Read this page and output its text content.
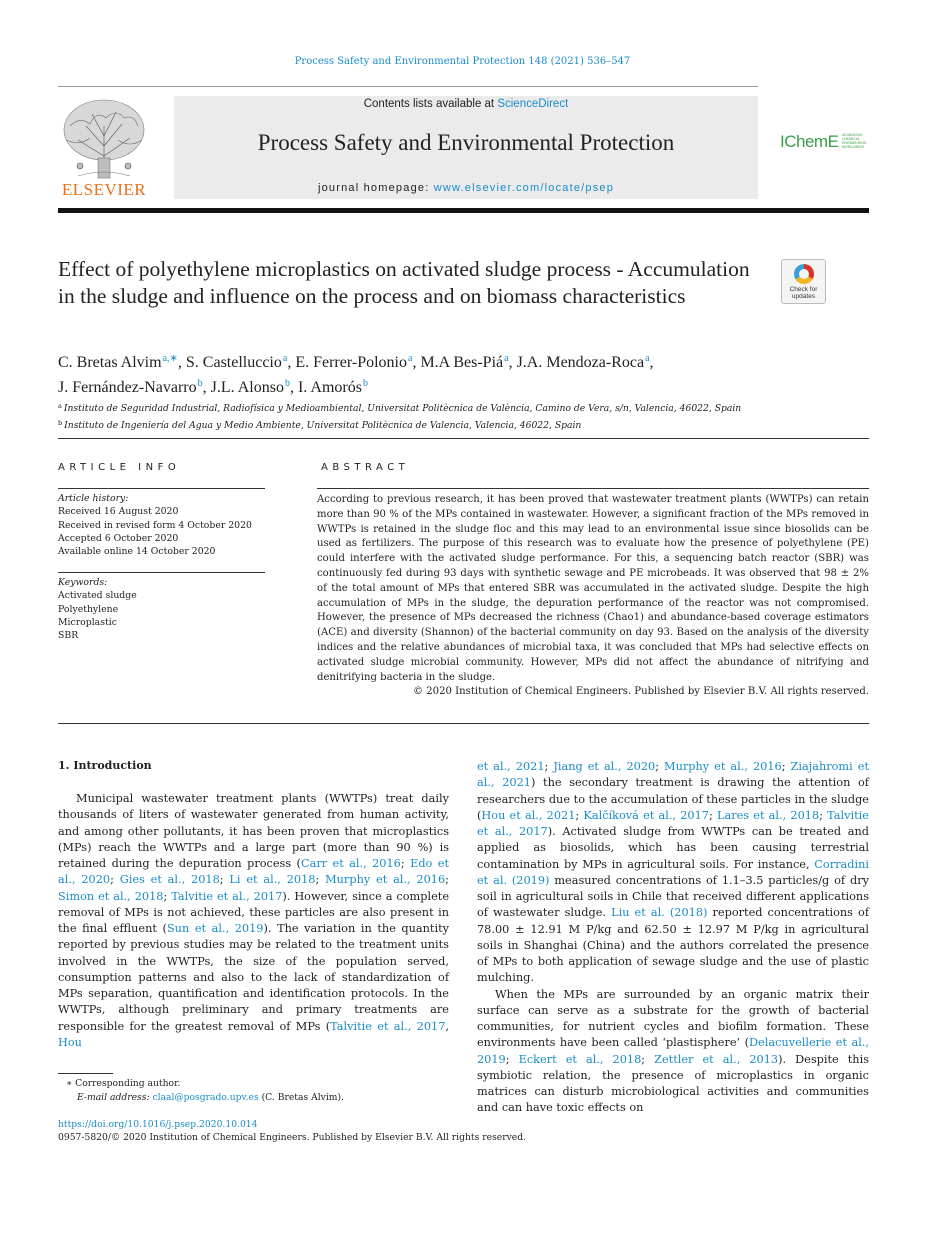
Process Safety and Environmental Protection 148 (2021) 536–547
ELSEVIER
Contents lists available at ScienceDirect
Process Safety and Environmental Protection
journal homepage: www.elsevier.com/locate/psep
IChemE ADVANCING CHEMICAL ENGINEERING WORLDWIDE
Effect of polyethylene microplastics on activated sludge process - Accumulation in the sludge and influence on the process and on biomass characteristics	Check for
updates
C. Bretas Alvim$^{a,∗}$, S. Castelluccio$^a$, E. Ferrer-Polonio$^a$, M.A Bes-Piá$^a$, J.A. Mendoza-Roca$^a$,
J. Fernández-Navarro$^b$, J.L. Alonso$^b$, I. Amorós$^b$
$^a$ Instituto de Seguridad Industrial, Radiofísica y Medioambiental, Universitat Politècnica de València, Camino de Vera, s/n, Valencia, 46022, Spain
$^b$ Instituto de Ingeniería del Agua y Medio Ambiente, Universitat Politècnica de Valencia, Valencia, 46022, Spain
ARTICLE INFO
Article history:
Received 16 August 2020
Received in revised form 4 October 2020
Accepted 6 October 2020
Available online 14 October 2020
Keywords:
Activated sludge
Polyethylene
Microplastic
SBR
ABSTRACT
According to previous research, it has been proved that wastewater treatment plants (WWTPs) can retain more than 90 % of the MPs contained in wastewater. However, a significant fraction of the MPs removed in WWTPs is retained in the sludge floc and this may lead to an environmental issue since biosolids can be used as fertilizers. The purpose of this research was to evaluate how the presence of polyethylene (PE) could interfere with the activated sludge performance. For this, a sequencing batch reactor (SBR) was continuously fed during 93 days with synthetic sewage and PE microbeads. It was observed that 98 ± 2% of the total amount of MPs that entered SBR was accumulated in the activated sludge. Despite the high accumulation of MPs in the sludge, the depuration performance of the reactor was not compromised. However, the presence of MPs decreased the richness (Chao1) and abundance-based coverage estimators (ACE) and diversity (Shannon) of the bacterial community on day 93. Based on the analysis of the diversity indices and the relative abundances of microbial taxa, it was concluded that MPs had selective effects on activated sludge microbial community. However, MPs did not affect the abundance of nitrifying and denitrifying bacteria in the sludge.
© 2020 Institution of Chemical Engineers. Published by Elsevier B.V. All rights reserved.
1. Introduction

Municipal wastewater treatment plants (WWTPs) treat daily thousands of liters of wastewater generated from human activity, and among other pollutants, it has been proven that microplastics (MPs) reach the WWTPs and a large part (more than 90 %) is retained during the depuration process (Carr et al., 2016; Edo et al., 2020; Gies et al., 2018; Li et al., 2018; Murphy et al., 2016; Simon et al., 2018; Talvitie et al., 2017). However, since a complete removal of MPs is not achieved, these particles are also present in the final effluent (Sun et al., 2019). The variation in the quantity reported by previous studies may be related to the treatment units involved in the WWTPs, the size of the population served, consumption patterns and also to the lack of standardization of MPs separation, quantification and identification protocols. In the WWTPs, although preliminary and primary treatments are responsible for the greatest removal of MPs (Talvitie et al., 2017, Hou

et al., 2021; Jiang et al., 2020; Murphy et al., 2016; Ziajahromi et al., 2021) the secondary treatment is drawing the attention of researchers due to the accumulation of these particles in the sludge (Hou et al., 2021; Kalčíková et al., 2017; Lares et al., 2018; Talvitie et al., 2017). Activated sludge from WWTPs can be treated and applied as biosolids, which has been causing terrestrial contamination by MPs in agricultural soils. For instance, Corradini et al. (2019) measured concentrations of 1.1–3.5 particles/g of dry soil in agricultural soils in Chile that received different applications of wastewater sludge. Liu et al. (2018) reported concentrations of 78.00 ± 12.91 M P/kg and 62.50 ± 12.97 M P/kg in agricultural soils in Shanghai (China) and the authors correlated the presence of MPs to both application of sewage sludge and the use of plastic mulching.

When the MPs are surrounded by an organic matrix their surface can serve as a substrate for the growth of bacterial communities, for nutrient cycles and biofilm formation. These environments have been called ‘plastisphere’ (Delacuvellerie et al., 2019; Eckert et al., 2018; Zettler et al., 2013). Despite this symbiotic relation, the presence of microplastics in organic matrices can disturb microbiological activities and communities and can have toxic effects on

∗ Corresponding author.
E-mail address: claal@posgrado.upv.es (C. Bretas Alvim).
https://doi.org/10.1016/j.psep.2020.10.014
0957-5820/© 2020 Institution of Chemical Engineers. Published by Elsevier B.V. All rights reserved.
